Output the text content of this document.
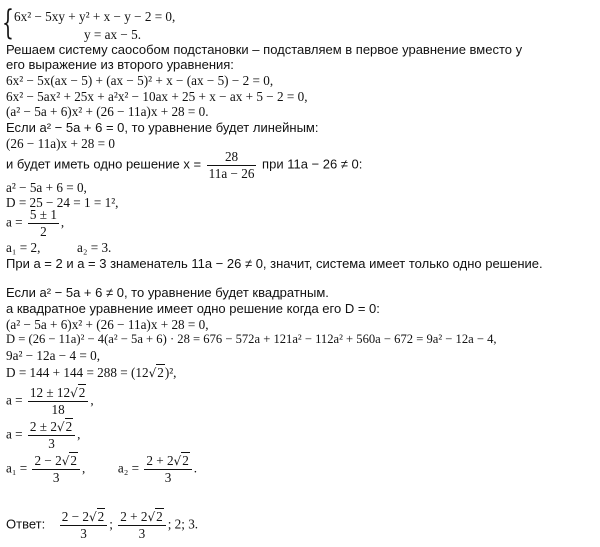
{ 6x² − 5xy + y² + x − y − 2 = 0,
y = ax − 5.
Решаем систему саособом подстановки – подставляем в первое уравнение вместо y
его выражение из второго уравнения:
6x² − 5x(ax − 5) + (ax − 5)² + x − (ax − 5) − 2 = 0,
6x² − 5ax² + 25x + a²x² − 10ax + 25 + x − ax + 5 − 2 = 0,
(a² − 5a + 6)x² + (26 − 11a)x + 28 = 0.
Если a² − 5a + 6 = 0, то уравнение будет линейным:
(26 − 11a)x + 28 = 0
и будет иметь одно решение $x = \frac{28}{11a - 26}$ при 11a − 26 ≠ 0:
a² − 5a + 6 = 0,
D = 25 − 24 = 1 = 1²,
$a = \frac{5 \pm 1}{2}$ ,
a₁ = 2,	a₂ = 3.
При a = 2 и a = 3 знаменатель 11a − 26 ≠ 0, значит, система имеет только одно решение.
Если a² − 5a + 6 ≠ 0, то уравнение будет квадратным.
а квадратное уравнение имеет одно решение когда его D = 0:
(a² − 5a + 6)x² + (26 − 11a)x + 28 = 0,
D = (26 − 11a)² − 4(a² − 5a + 6) · 28 = 676 − 572a + 121a² − 112a² + 560a − 672 = 9a² − 12a − 4,
9a² − 12a − 4 = 0,
D = 144 + 144 = 288 = (12√2)²,
$a = \frac{12 \pm 12√2}{18}$ ,
$a = \frac{2 \pm 2√2}{3}$ ,
$a_1 = \frac{2 - 2√2}{3}$ , $a_2 = \frac{2 + 2√2}{3}$ .
Ответ: $\frac{2 - 2√2}{3}$ ; $\frac{2 + 2√2}{3}$ ; 2; 3.
